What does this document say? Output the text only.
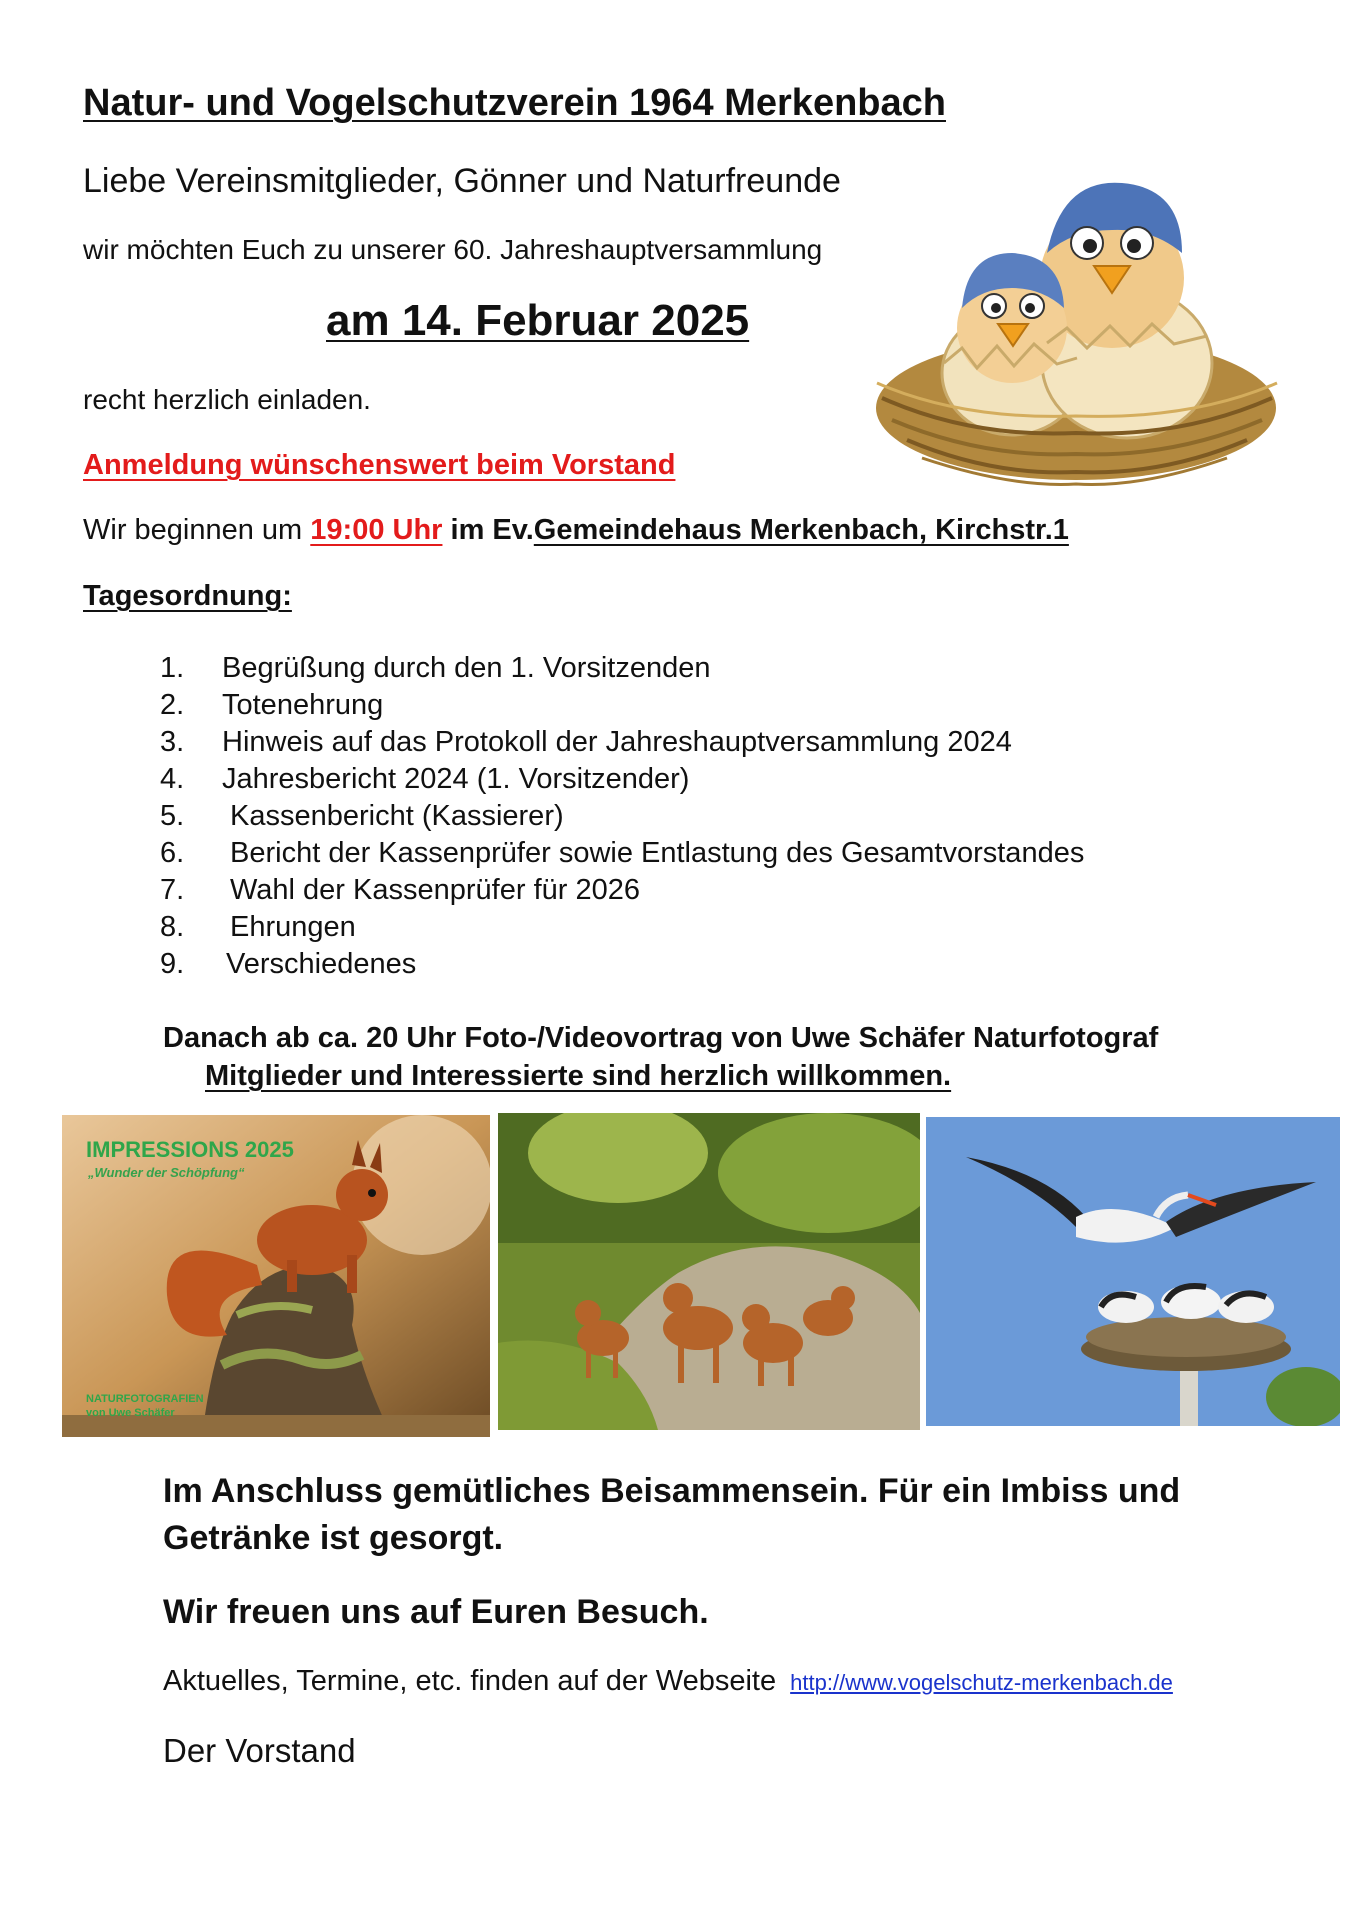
Natur- und Vogelschutzverein 1964 Merkenbach
Liebe Vereinsmitglieder, Gönner und Naturfreunde
wir möchten Euch zu unserer 60. Jahreshauptversammlung
am 14. Februar 2025
recht herzlich einladen.
Anmeldung wünschenswert beim Vorstand
Wir beginnen um 19:00 Uhr im Ev.Gemeindehaus Merkenbach, Kirchstr.1
Tagesordnung:
1. Begrüßung durch den 1. Vorsitzenden
2. Totenehrung
3. Hinweis auf das Protokoll der Jahreshauptversammlung 2024
4. Jahresbericht 2024 (1. Vorsitzender)
5. Kassenbericht (Kassierer)
6. Bericht der Kassenprüfer sowie Entlastung des Gesamtvorstandes
7. Wahl der Kassenprüfer für 2026
8. Ehrungen
9. Verschiedenes
Danach ab ca. 20 Uhr Foto-/Videovortrag von Uwe Schäfer Naturfotograf
Mitglieder und Interessierte sind herzlich willkommen.
IMPRESSIONS 2025
„Wunder der Schöpfung“
NATURFOTOGRAFIEN
von Uwe Schäfer
Im Anschluss gemütliches Beisammensein. Für ein Imbiss und
Getränke ist gesorgt.
Wir freuen uns auf Euren Besuch.
Aktuelles, Termine, etc. finden auf der Webseite http://www.vogelschutz-merkenbach.de
Der Vorstand
